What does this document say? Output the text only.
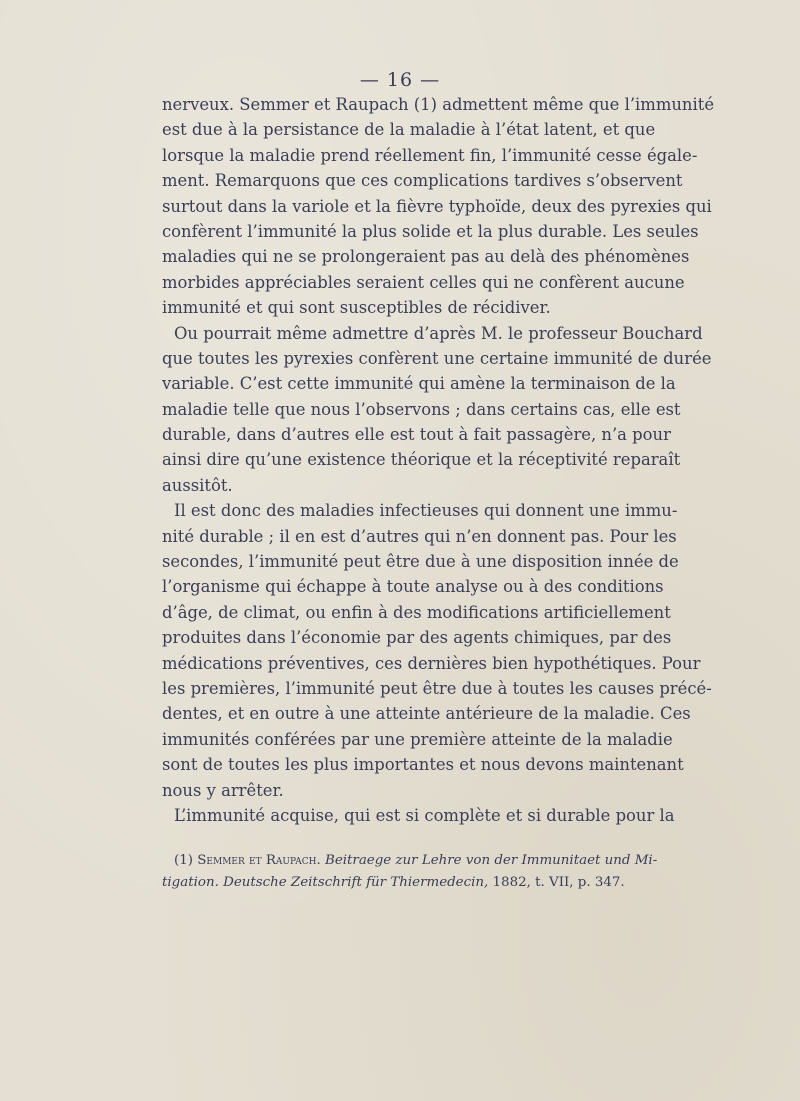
— 16 —
nerveux. Semmer et Raupach (1) admettent même que l’immunité
est due à la persistance de la maladie à l’état latent, et que
lorsque la maladie prend réellement fin, l’immunité cesse égale-
ment. Remarquons que ces complications tardives s’observent
surtout dans la variole et la fièvre typhoïde, deux des pyrexies qui
confèrent l’immunité la plus solide et la plus durable. Les seules
maladies qui ne se prolongeraient pas au delà des phénomènes
morbides appréciables seraient celles qui ne confèrent aucune
immunité et qui sont susceptibles de récidiver.
Ou pourrait même admettre d’après M. le professeur Bouchard
que toutes les pyrexies confèrent une certaine immunité de durée
variable. C’est cette immunité qui amène la terminaison de la
maladie telle que nous l’observons ; dans certains cas, elle est
durable, dans d’autres elle est tout à fait passagère, n’a pour
ainsi dire qu’une existence théorique et la réceptivité reparaît
aussitôt.
Il est donc des maladies infectieuses qui donnent une immu-
nité durable ; il en est d’autres qui n’en donnent pas. Pour les
secondes, l’immunité peut être due à une disposition innée de
l’organisme qui échappe à toute analyse ou à des conditions
d’âge, de climat, ou enfin à des modifications artificiellement
produites dans l’économie par des agents chimiques, par des
médications préventives, ces dernières bien hypothétiques. Pour
les premières, l’immunité peut être due à toutes les causes précé-
dentes, et en outre à une atteinte antérieure de la maladie. Ces
immunités conférées par une première atteinte de la maladie
sont de toutes les plus importantes et nous devons maintenant
nous y arrêter.
L’immunité acquise, qui est si complète et si durable pour la
(1) Semmer et Raupach. Beitraege zur Lehre von der Immunitaet und Mi-
tigation. Deutsche Zeitschrift für Thiermedecin, 1882, t. VII, p. 347.
